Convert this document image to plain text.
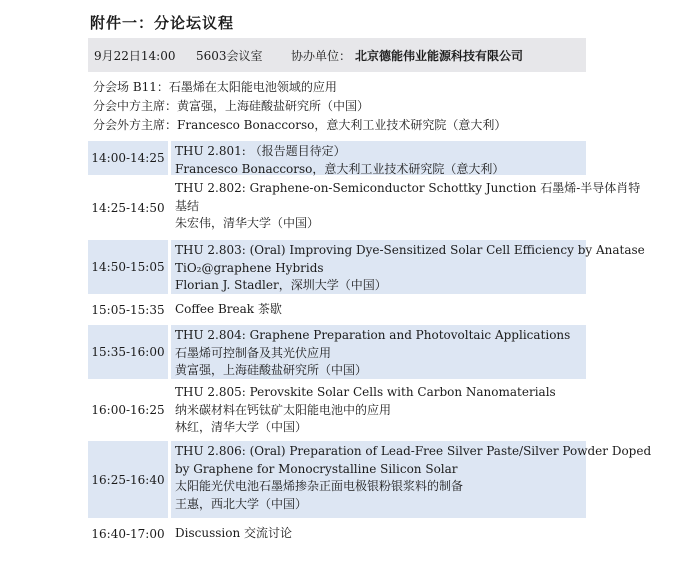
附件一：分论坛议程
9月22日14:00	5603会议室	协办单位： 北京德能伟业能源科技有限公司
分会场 B11：石墨烯在太阳能电池领域的应用
分会中方主席：黄富强，上海硅酸盐研究所（中国）
分会外方主席：Francesco Bonaccorso，意大利工业技术研究院（意大利）
14:00-14:25 THU 2.801: （报告题目待定）
Francesco Bonaccorso，意大利工业技术研究院（意大利）
14:25-14:50
THU 2.802: Graphene-on-Semiconductor Schottky Junction 石墨烯-半导体肖特
基结
朱宏伟，清华大学（中国）
14:50-15:05
THU 2.803: (Oral) Improving Dye-Sensitized Solar Cell Efficiency by Anatase
TiO₂@graphene Hybrids
Florian J. Stadler，深圳大学（中国）
15:05-15:35 Coffee Break 茶歇
15:35-16:00
THU 2.804: Graphene Preparation and Photovoltaic Applications
石墨烯可控制备及其光伏应用
黄富强，上海硅酸盐研究所（中国）
16:00-16:25
THU 2.805: Perovskite Solar Cells with Carbon Nanomaterials
纳米碳材料在钙钛矿太阳能电池中的应用
林红，清华大学（中国）
16:25-16:40
THU 2.806: (Oral) Preparation of Lead-Free Silver Paste/Silver Powder Doped
by Graphene for Monocrystalline Silicon Solar
太阳能光伏电池石墨烯掺杂正面电极银粉银浆料的制备
王惠，西北大学（中国）
16:40-17:00 Discussion 交流讨论
